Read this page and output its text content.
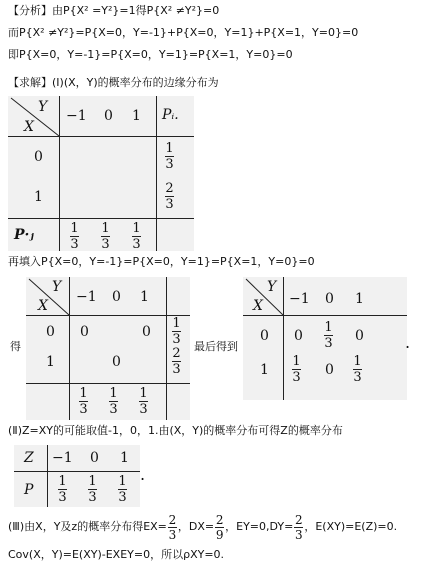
【分析】由P{X² =Y²}=1得P{X² ≠Y²}=0
而P{X² ≠Y²}=P{X=0，Y=-1}+P{X=0，Y=1}+P{X=1，Y=0}=0
即P{X=0，Y=-1}=P{X=0，Y=1}=P{X=1，Y=0}=0
【求解】(Ⅰ)(X，Y)的概率分布的边缘分布为
Y
X
−1 0 1 Pᵢ.
0
1
1
3
2
3
P·ⱼ	1
3
1
3
1
3
再填入P{X=0，Y=-1}=P{X=0，Y=1}=P{X=1，Y=0}=0
得
Y
X
−1 0 1
0
1
0	0
0
1
3
2
3
1
3
1
3
1
3
最后得到
Y
X −1 0 1
0
1
0
1
3 0
1
3 0
1
3
.
(Ⅱ)Z=XY的可能取值-1，0，1.由(X，Y)的概率分布可得Z的概率分布
Z
P
−1 0 1
1
3
1
3
1
3
.
(Ⅲ)由X，Y及z的概率分布得$EX= \frac{2}{3}$ ，$DX= \frac{2}{9}$ ，$EY=0,DY= \frac{2}{3}$ ，E(XY)=E(Z)=0.
Cov(X，Y)=E(XY)-EXEY=0，所以ρXY=0.
